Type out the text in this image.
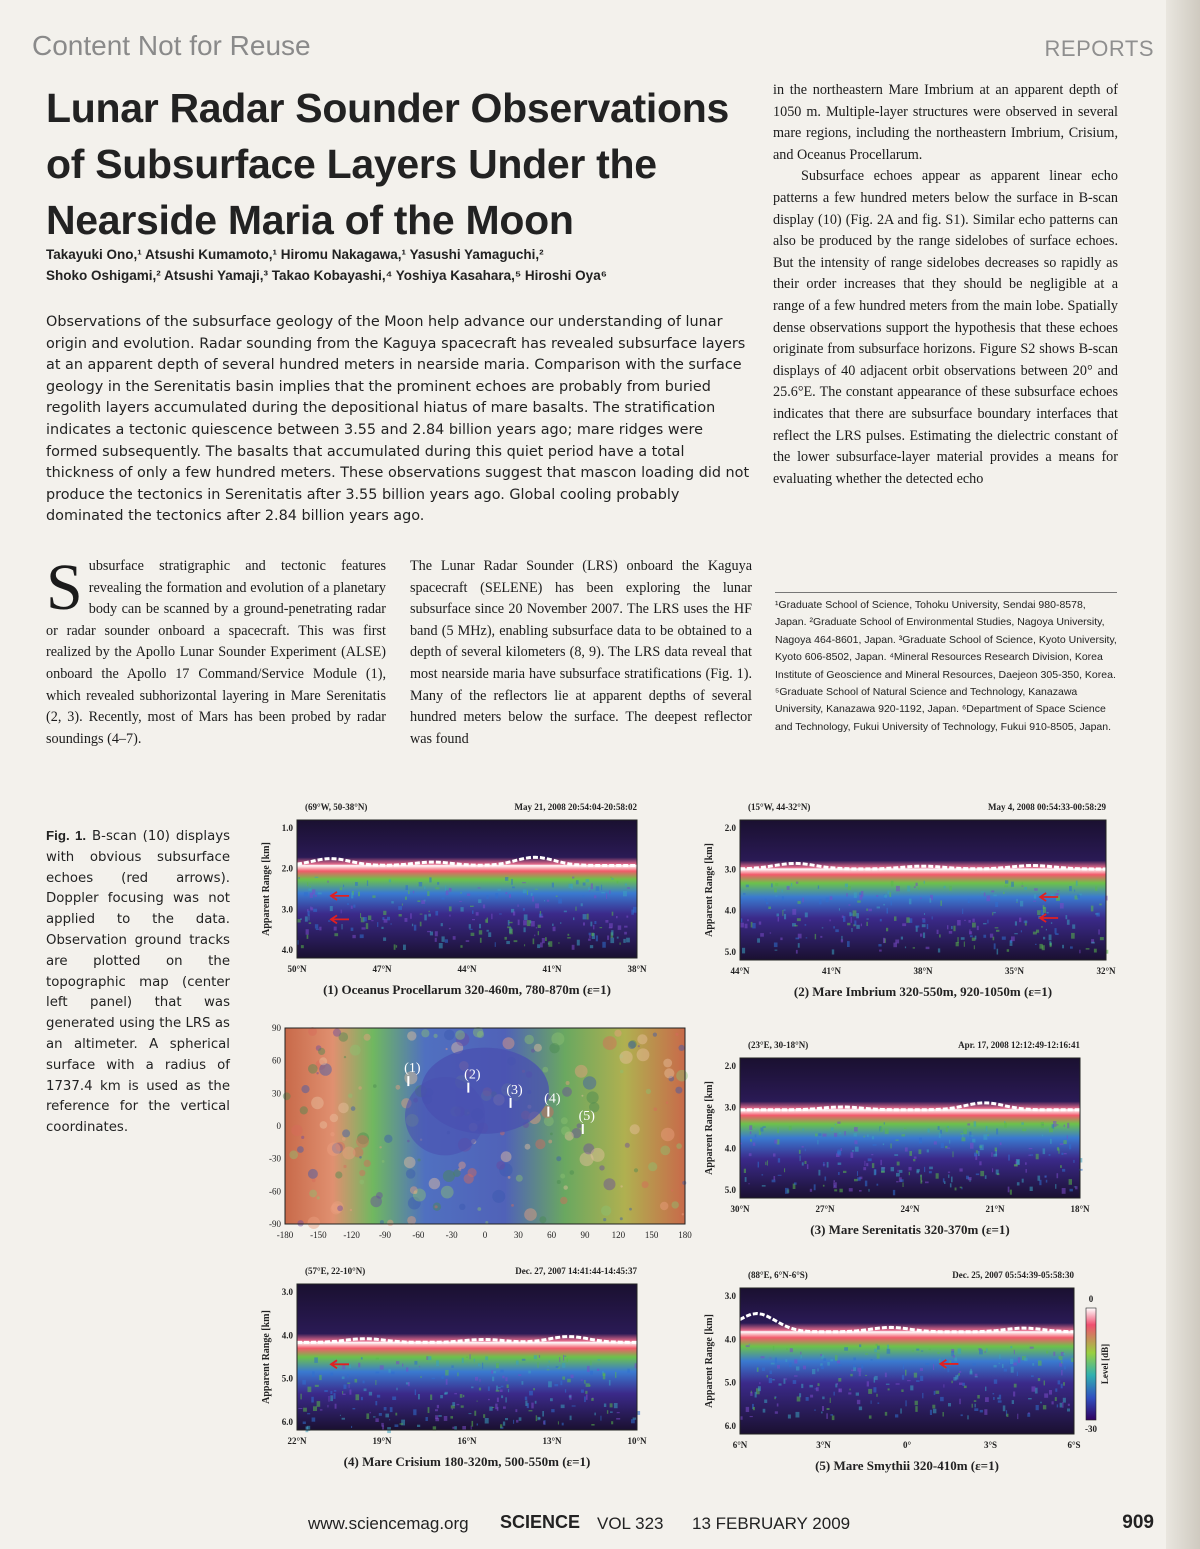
Content Not for Reuse	REPORTS
Lunar Radar Sounder Observations
of Subsurface Layers Under the
Nearside Maria of the Moon
Takayuki Ono,¹ Atsushi Kumamoto,¹ Hiromu Nakagawa,¹ Yasushi Yamaguchi,²
Shoko Oshigami,² Atsushi Yamaji,³ Takao Kobayashi,⁴ Yoshiya Kasahara,⁵ Hiroshi Oya⁶
Observations of the subsurface geology of the Moon help advance our understanding of lunar origin and evolution. Radar sounding from the Kaguya spacecraft has revealed subsurface layers at an apparent depth of several hundred meters in nearside maria. Comparison with the surface geology in the Serenitatis basin implies that the prominent echoes are probably from buried regolith layers accumulated during the depositional hiatus of mare basalts. The stratification indicates a tectonic quiescence between 3.55 and 2.84 billion years ago; mare ridges were formed subsequently. The basalts that accumulated during this quiet period have a total thickness of only a few hundred meters. These observations suggest that mascon loading did not produce the tectonics in Serenitatis after 3.55 billion years ago. Global cooling probably dominated the tectonics after 2.84 billion years ago.
S ubsurface stratigraphic and tectonic features revealing the formation and evolution of a planetary body can be scanned by a ground-penetrating radar or radar sounder onboard a spacecraft. This was first realized by the Apollo Lunar Sounder Experiment (ALSE) onboard the Apollo 17 Command/Service Module (1), which revealed subhorizontal layering in Mare Serenitatis (2, 3). Recently, most of Mars has been probed by radar soundings (4–7).
The Lunar Radar Sounder (LRS) onboard the Kaguya spacecraft (SELENE) has been exploring the lunar subsurface since 20 November 2007. The LRS uses the HF band (5 MHz), enabling subsurface data to be obtained to a depth of several kilometers (8, 9). The LRS data reveal that most nearside maria have subsurface stratifications (Fig. 1). Many of the reflectors lie at apparent depths of several hundred meters below the surface. The deepest reflector was found

in the northeastern Mare Imbrium at an apparent depth of 1050 m. Multiple-layer structures were observed in several mare regions, including the northeastern Imbrium, Crisium, and Oceanus Procellarum.

Subsurface echoes appear as apparent linear echo patterns a few hundred meters below the surface in B-scan display (10) (Fig. 2A and fig. S1). Similar echo patterns can also be produced by the range sidelobes of surface echoes. But the intensity of range sidelobes decreases so rapidly as their order increases that they should be negligible at a range of a few hundred meters from the main lobe. Spatially dense observations support the hypothesis that these echoes originate from subsurface horizons. Figure S2 shows B-scan displays of 40 adjacent orbit observations between 20° and 25.6°E. The constant appearance of these subsurface echoes indicates that there are subsurface boundary interfaces that reflect the LRS pulses. Estimating the dielectric constant of the lower subsurface-layer material provides a means for evaluating whether the detected echo

¹Graduate School of Science, Tohoku University, Sendai 980-8578, Japan. ²Graduate School of Environmental Studies, Nagoya University, Nagoya 464-8601, Japan. ³Graduate School of Science, Kyoto University, Kyoto 606-8502, Japan. ⁴Mineral Resources Research Division, Korea Institute of Geoscience and Mineral Resources, Daejeon 305-350, Korea. ⁵Graduate School of Natural Science and Technology, Kanazawa University, Kanazawa 920-1192, Japan. ⁶Department of Space Science and Technology, Fukui University of Technology, Fukui 910-8505, Japan.
Fig. 1. B-scan (10) displays with obvious subsurface echoes (red arrows). Doppler focusing was not applied to the data. Observation ground tracks are plotted on the topographic map (center left panel) that was generated using the LRS as an altimeter. A spherical surface with a radius of 1737.4 km is used as the reference for the vertical coordinates.
(69°W, 50-38°N)	May 21, 2008 20:54:04-20:58:02
1.0
2.0
3.0
4.0
Apparent Range [km]
50°N	47°N	44°N	41°N	38°N
(1) Oceanus Procellarum 320-460m, 780-870m (ε=1)
(15°W, 44-32°N)	May 4, 2008 00:54:33-00:58:29
2.0
3.0
4.0
5.0
Apparent Range [km]
44°N	41°N	38°N	35°N	32°N
(2) Mare Imbrium 320-550m, 920-1050m (ε=1)
(23°E, 30-18°N)	Apr. 17, 2008 12:12:49-12:16:41
2.0
3.0
4.0
5.0
Apparent Range [km]
30°N	27°N	24°N	21°N	18°N
(3) Mare Serenitatis 320-370m (ε=1)
(57°E, 22-10°N)	Dec. 27, 2007 14:41:44-14:45:37
3.0
4.0
5.0
6.0
Apparent Range [km]
22°N	19°N	16°N	13°N	10°N
(4) Mare Crisium 180-320m, 500-550m (ε=1)
(88°E, 6°N-6°S)	Dec. 25, 2007 05:54:39-05:58:30
3.0
4.0
5.0
6.0
Apparent Range [km]
6°N	3°N	0°	3°S	6°S
(5) Mare Smythii 320-410m (ε=1)
0
-30
Level [dB]
(1)	(2)
(3)
(4)
(5)
-180 -150 -120 -90 -60 -30	0	30	60	90 120 150 180
90
60
30
0
-30
-60
-90
www.sciencemag.org SCIENCE VOL 323 13 FEBRUARY 2009	909
